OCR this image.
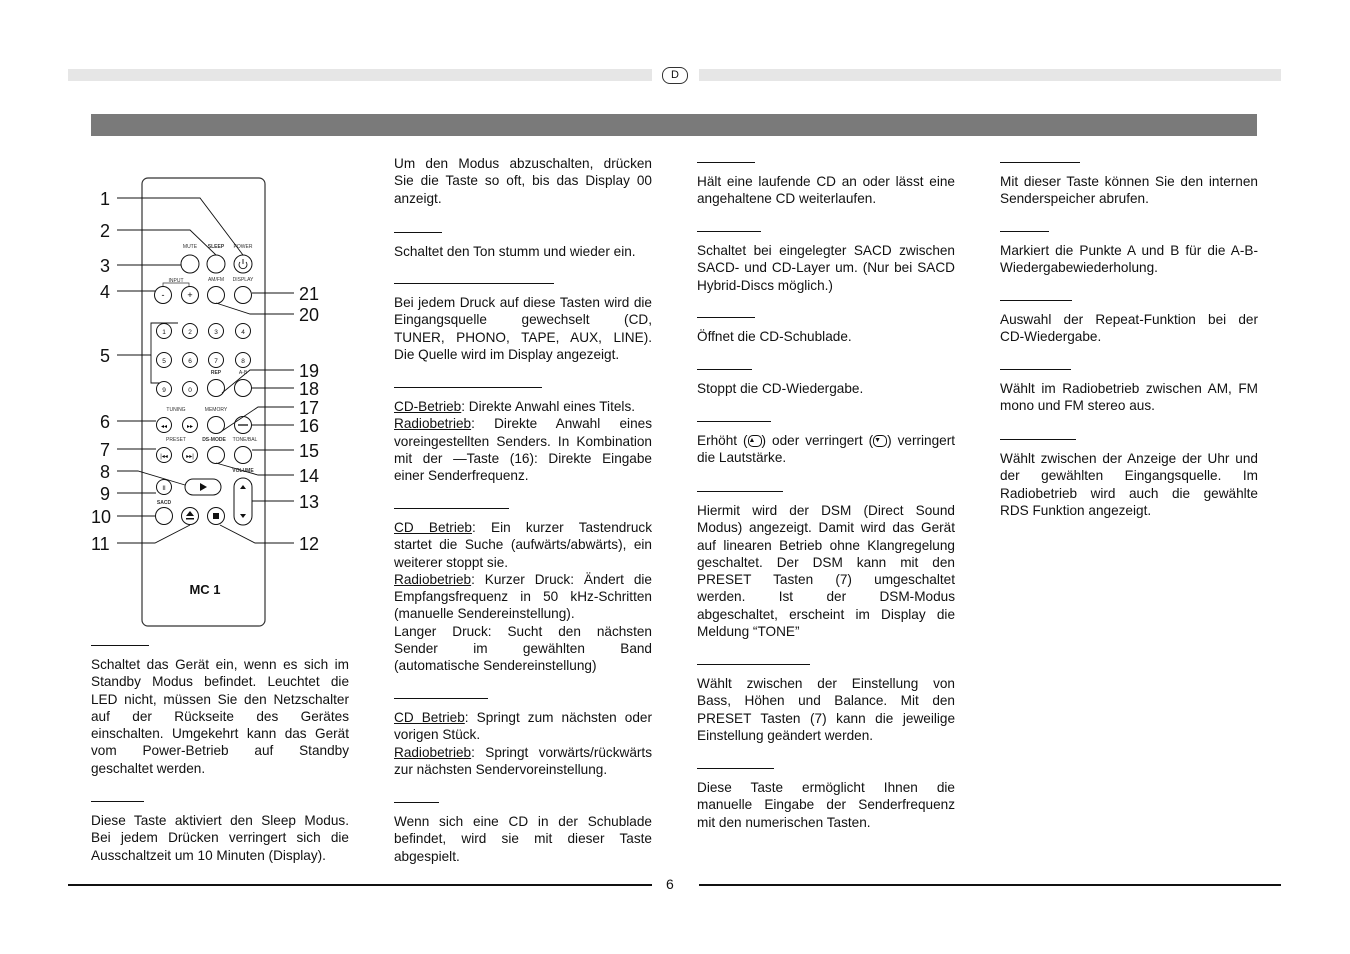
D
MUTE SLEEP POWER
INPUT	AM/FM DISPLAY
REP	A-B
TUNING	MEMORY
PRESET	DS-MODE TONE/BAL
VOLUME
SACD
MC 1
-	+
1	2	3	4
5	6	7	8
9	0
◂◂	▸▸
|◂◂	▸▸|
II
1
2
3
4
5
6
7
8
9
10
11	12
13
14
15
16
17
18
19
20
21
Schaltet das Gerät ein, wenn es sich im
Standby Modus befindet. Leuchtet die
LED nicht, müssen Sie den Netzschalter
auf der Rückseite des Gerätes
einschalten. Umgekehrt kann das Gerät
vom Power-Betrieb auf Standby
geschaltet werden.
Diese Taste aktiviert den Sleep Modus.
Bei jedem Drücken verringert sich die
Ausschaltzeit um 10 Minuten (Display).
Um den Modus abzuschalten, drücken
Sie die Taste so oft, bis das Display 00
anzeigt.
Schaltet den Ton stumm und wieder ein.
Bei jedem Druck auf diese Tasten wird die
Eingangsquelle gewechselt (CD,
TUNER, PHONO, TAPE, AUX, LINE).
Die Quelle wird im Display angezeigt.
CD-Betrieb: Direkte Anwahl eines Titels.
Radiobetrieb: Direkte Anwahl eines
voreingestellten Senders. In Kombination
mit der —Taste (16): Direkte Eingabe
einer Senderfrequenz.
CD Betrieb: Ein kurzer Tastendruck
startet die Suche (aufwärts/abwärts), ein
weiterer stoppt sie.
Radiobetrieb: Kurzer Druck: Ändert die
Empfangsfrequenz in 50 kHz-Schritten
(manuelle Sendereinstellung).
Langer Druck: Sucht den nächsten
Sender im gewählten Band
(automatische Sendereinstellung)
CD Betrieb: Springt zum nächsten oder
vorigen Stück.
Radiobetrieb: Springt vorwärts/rückwärts
zur nächsten Sendervoreinstellung.
Wenn sich eine CD in der Schublade
befindet, wird sie mit dieser Taste
abgespielt.
Hält eine laufende CD an oder lässt eine
angehaltene CD weiterlaufen.
Schaltet bei eingelegter SACD zwischen
SACD- und CD-Layer um. (Nur bei SACD
Hybrid-Discs möglich.)
Öffnet die CD-Schublade.
Stoppt die CD-Wiedergabe.
Erhöht (▲ ) oder verringert (▼ ) verringert
die Lautstärke.
Hiermit wird der DSM (Direct Sound
Modus) angezeigt. Damit wird das Gerät
auf linearen Betrieb ohne Klangregelung
geschaltet. Der DSM kann mit den
PRESET Tasten (7) umgeschaltet
werden. Ist der DSM-Modus
abgeschaltet, erscheint im Display die
Meldung “TONE”
Wählt zwischen der Einstellung von
Bass, Höhen und Balance. Mit den
PRESET Tasten (7) kann die jeweilige
Einstellung geändert werden.
Diese Taste ermöglicht Ihnen die
manuelle Eingabe der Senderfrequenz
mit den numerischen Tasten.
Mit dieser Taste können Sie den internen
Senderspeicher abrufen.
Markiert die Punkte A und B für die A-B-
Wiedergabewiederholung.
Auswahl der Repeat-Funktion bei der
CD-Wiedergabe.
Wählt im Radiobetrieb zwischen AM, FM
mono und FM stereo aus.
Wählt zwischen der Anzeige der Uhr und
der gewählten Eingangsquelle. Im
Radiobetrieb wird auch die gewählte
RDS Funktion angezeigt.
6
